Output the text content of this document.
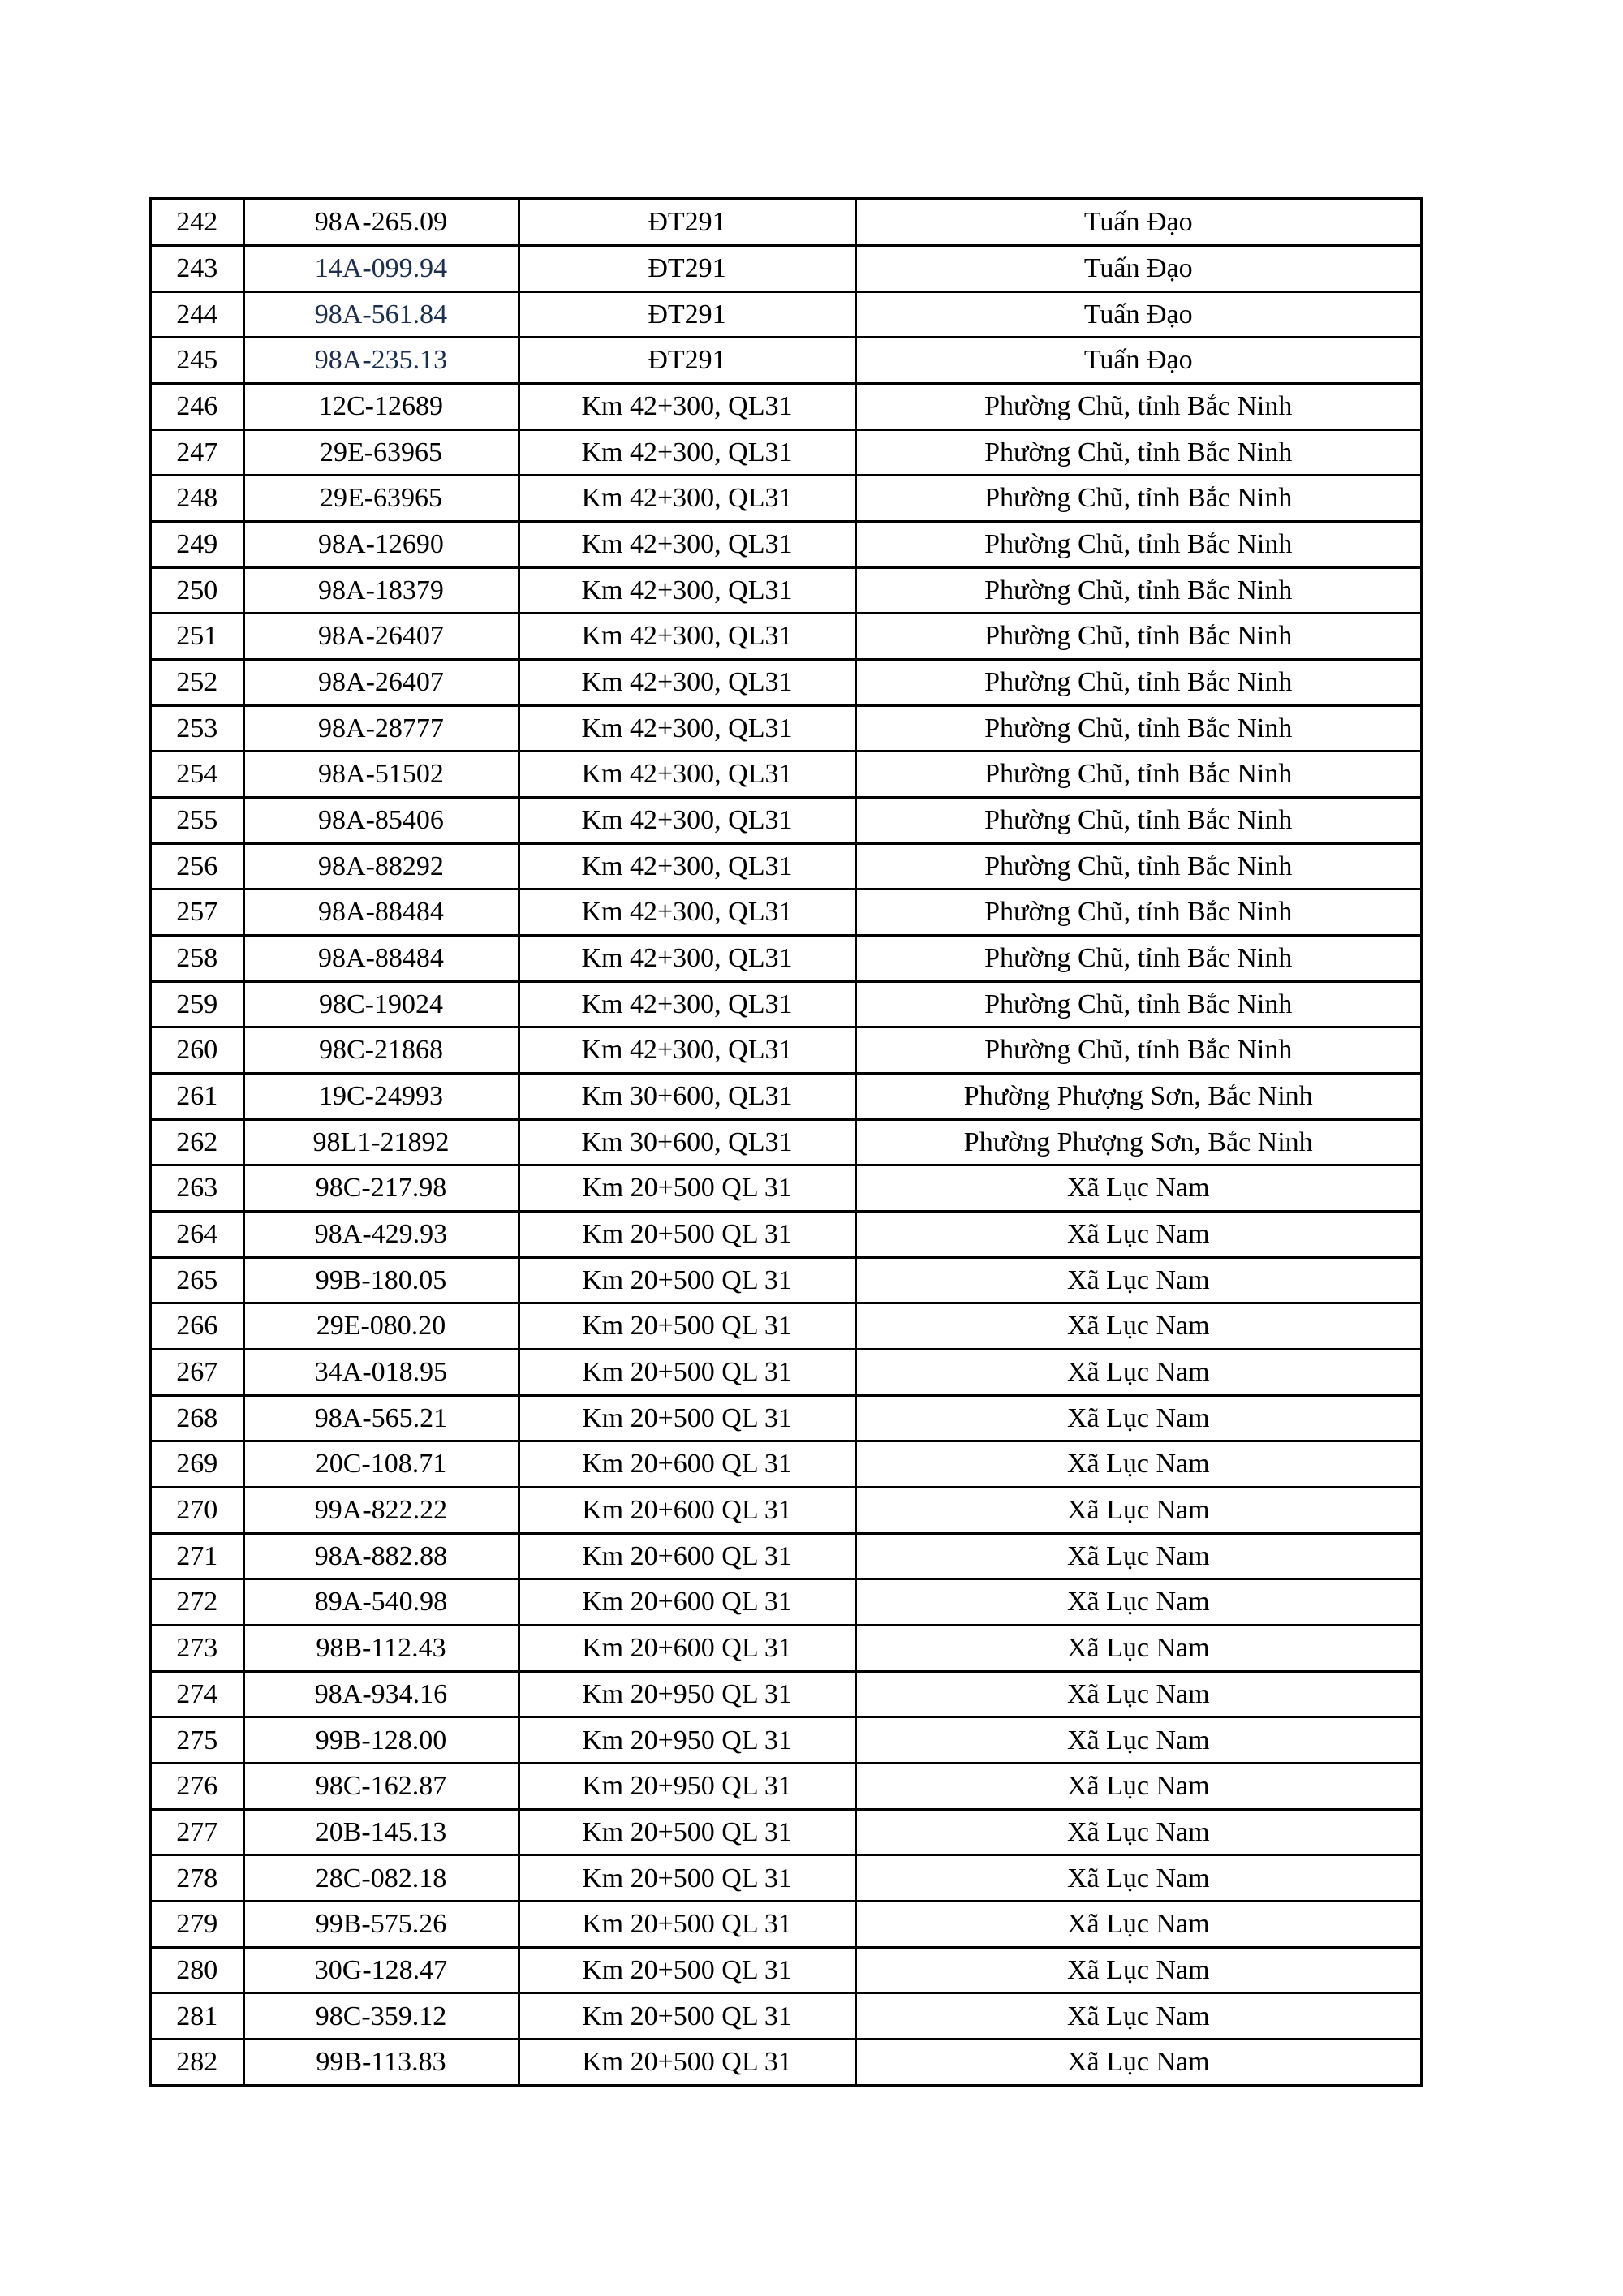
242	98A-265.09	ĐT291	Tuấn Đạo
243	14A-099.94	ĐT291	Tuấn Đạo
244	98A-561.84	ĐT291	Tuấn Đạo
245	98A-235.13	ĐT291	Tuấn Đạo
246	12C-12689	Km 42+300, QL31	Phường Chũ, tỉnh Bắc Ninh
247	29E-63965	Km 42+300, QL31	Phường Chũ, tỉnh Bắc Ninh
248	29E-63965	Km 42+300, QL31	Phường Chũ, tỉnh Bắc Ninh
249	98A-12690	Km 42+300, QL31	Phường Chũ, tỉnh Bắc Ninh
250	98A-18379	Km 42+300, QL31	Phường Chũ, tỉnh Bắc Ninh
251	98A-26407	Km 42+300, QL31	Phường Chũ, tỉnh Bắc Ninh
252	98A-26407	Km 42+300, QL31	Phường Chũ, tỉnh Bắc Ninh
253	98A-28777	Km 42+300, QL31	Phường Chũ, tỉnh Bắc Ninh
254	98A-51502	Km 42+300, QL31	Phường Chũ, tỉnh Bắc Ninh
255	98A-85406	Km 42+300, QL31	Phường Chũ, tỉnh Bắc Ninh
256	98A-88292	Km 42+300, QL31	Phường Chũ, tỉnh Bắc Ninh
257	98A-88484	Km 42+300, QL31	Phường Chũ, tỉnh Bắc Ninh
258	98A-88484	Km 42+300, QL31	Phường Chũ, tỉnh Bắc Ninh
259	98C-19024	Km 42+300, QL31	Phường Chũ, tỉnh Bắc Ninh
260	98C-21868	Km 42+300, QL31	Phường Chũ, tỉnh Bắc Ninh
261	19C-24993	Km 30+600, QL31	Phường Phượng Sơn, Bắc Ninh
262	98L1-21892	Km 30+600, QL31	Phường Phượng Sơn, Bắc Ninh
263	98C-217.98	Km 20+500 QL 31	Xã Lục Nam
264	98A-429.93	Km 20+500 QL 31	Xã Lục Nam
265	99B-180.05	Km 20+500 QL 31	Xã Lục Nam
266	29E-080.20	Km 20+500 QL 31	Xã Lục Nam
267	34A-018.95	Km 20+500 QL 31	Xã Lục Nam
268	98A-565.21	Km 20+500 QL 31	Xã Lục Nam
269	20C-108.71	Km 20+600 QL 31	Xã Lục Nam
270	99A-822.22	Km 20+600 QL 31	Xã Lục Nam
271	98A-882.88	Km 20+600 QL 31	Xã Lục Nam
272	89A-540.98	Km 20+600 QL 31	Xã Lục Nam
273	98B-112.43	Km 20+600 QL 31	Xã Lục Nam
274	98A-934.16	Km 20+950 QL 31	Xã Lục Nam
275	99B-128.00	Km 20+950 QL 31	Xã Lục Nam
276	98C-162.87	Km 20+950 QL 31	Xã Lục Nam
277	20B-145.13	Km 20+500 QL 31	Xã Lục Nam
278	28C-082.18	Km 20+500 QL 31	Xã Lục Nam
279	99B-575.26	Km 20+500 QL 31	Xã Lục Nam
280	30G-128.47	Km 20+500 QL 31	Xã Lục Nam
281	98C-359.12	Km 20+500 QL 31	Xã Lục Nam
282	99B-113.83	Km 20+500 QL 31	Xã Lục Nam
